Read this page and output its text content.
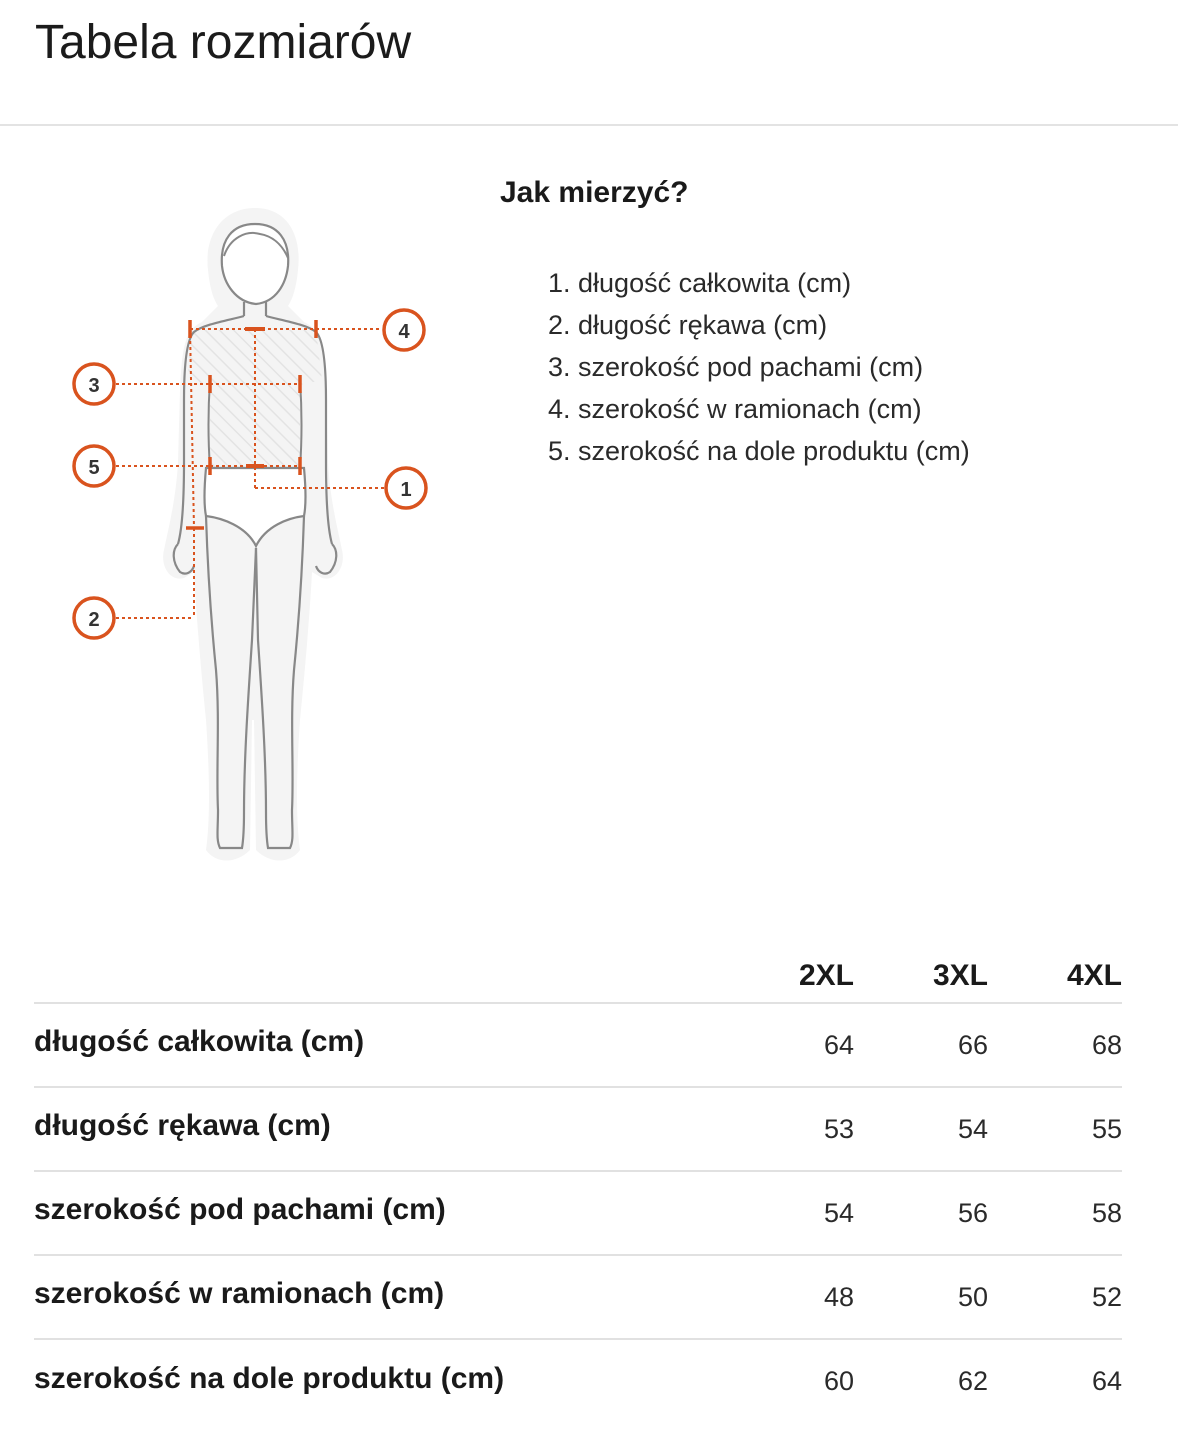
Tabela rozmiarów
4
3
5
1
2
Jak mierzyć?
1. długość całkowita (cm)
2. długość rękawa (cm)
3. szerokość pod pachami (cm)
4. szerokość w ramionach (cm)
5. szerokość na dole produktu (cm)
	2XL	3XL	4XL
długość całkowita (cm)	64	66	68
długość rękawa (cm)	53	54	55
szerokość pod pachami (cm)	54	56	58
szerokość w ramionach (cm)	48	50	52
szerokość na dole produktu (cm)	60	62	64
